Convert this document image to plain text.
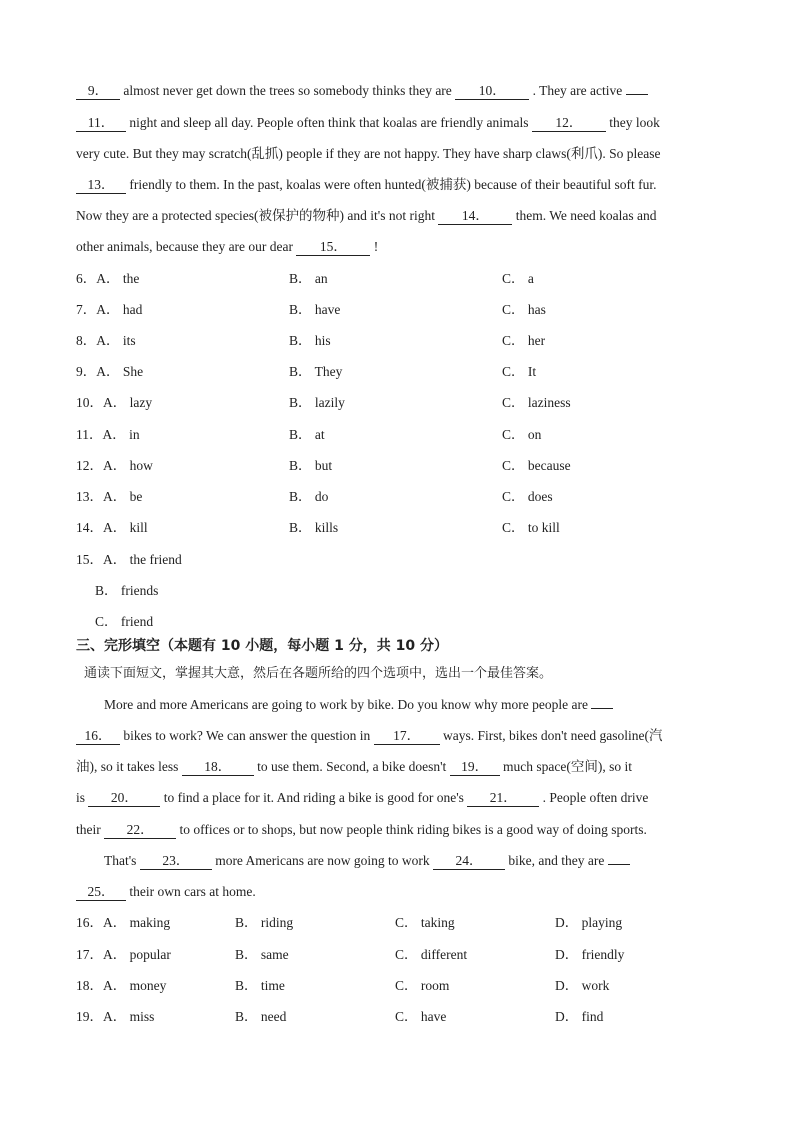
9． almost never get down the trees so somebody thinks they are 10． . They are active
11． night and sleep all day. People often think that koalas are friendly animals 12． they look
very cute. But they may scratch(乱抓) people if they are not happy. They have sharp claws(利爪). So please
13． friendly to them. In the past, koalas were often hunted(被捕获) because of their beautiful soft fur.
Now they are a protected species(被保护的物种) and it's not right 14． them. We need koalas and
other animals, because they are our dear 15． !
6．A． the	B． an	C． a
7．A． had	B． have	C． has
8．A． its	B． his	C． her
9．A． She	B． They	C． It
10．A． lazy	B． lazily	C． laziness
11．A． in	B． at	C． on
12．A． how	B． but	C． because
13．A． be	B． do	C． does
14．A． kill	B． kills	C． to kill
15．A． the friend
B． friends
C． friend
三、完形填空（本题有 10 小题，每小题 1 分，共 10 分）
通读下面短文，掌握其大意，然后在各题所给的四个选项中，选出一个最佳答案。
More and more Americans are going to work by bike. Do you know why more people are
16． bikes to work? We can answer the question in 17． ways. First, bikes don't need gasoline(汽
油), so it takes less 18． to use them. Second, a bike doesn't 19． much space(空间), so it
is 20． to find a place for it. And riding a bike is good for one's 21． . People often drive
their 22． to offices or to shops, but now people think riding bikes is a good way of doing sports.
That's 23． more Americans are now going to work 24． bike, and they are
25． their own cars at home.
16．A． making	B． riding	C． taking	D． playing
17．A． popular	B． same	C． different	D． friendly
18．A． money	B． time	C． room	D． work
19．A． miss	B． need	C． have	D． find
